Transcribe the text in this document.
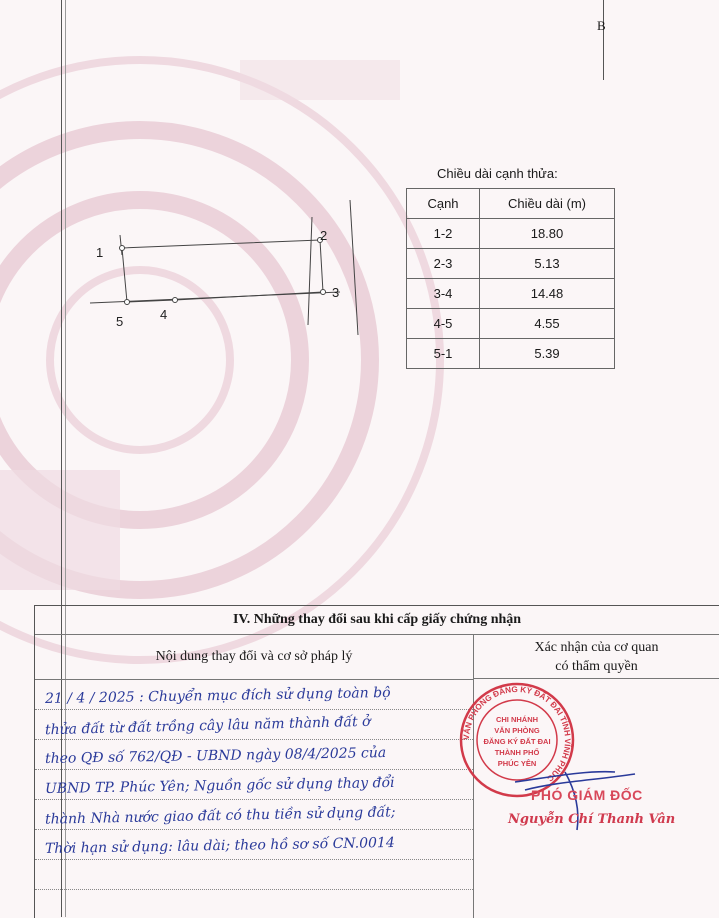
B
1
2
3
4
5
Chiều dài cạnh thửa:
Cạnh	Chiều dài (m)
1-2	18.80
2-3	5.13
3-4	14.48
4-5	4.55
5-1	5.39
IV. Những thay đổi sau khi cấp giấy chứng nhận
Nội dung thay đổi và cơ sở pháp lý
Xác nhận của cơ quan
có thẩm quyền
21 / 4 / 2025 : Chuyển mục đích sử dụng toàn bộ
thửa đất từ đất trồng cây lâu năm thành đất ở
theo QĐ số 762/QĐ - UBND ngày 08/4/2025 của
UBND TP. Phúc Yên; Nguồn gốc sử dụng thay đổi
thành Nhà nước giao đất có thu tiền sử dụng đất;
Thời hạn sử dụng: lâu dài; theo hồ sơ số CN.0014
VĂN PHÒNG ĐĂNG KÝ ĐẤT ĐAI TỈNH VĨNH PHÚC
CHI NHÁNH
VĂN PHÒNG
ĐĂNG KÝ ĐẤT ĐAI
THÀNH PHỐ
PHÚC YÊN
PHÓ GIÁM ĐỐC
Nguyễn Chí Thanh Vân
